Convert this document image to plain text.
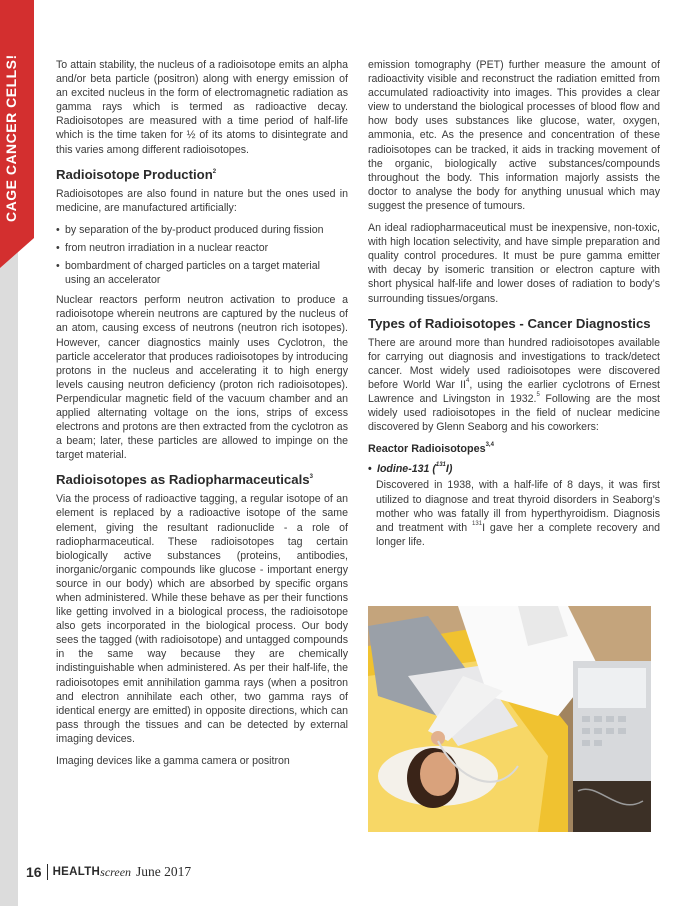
CAGE CANCER CELLS!	To attain stability, the nucleus of a radioisotope emits an alpha and/or beta particle (positron) along with energy emission of an excited nucleus in the form of electromagnetic radiation as gamma rays which is termed as radioactive decay. Radioisotopes are measured with a time period of half-life which is the time taken for ½ of its atoms to disintegrate and this varies among different radioisotopes.

Radioisotope Production$^2$

Radioisotopes are also found in nature but the ones used in medicine, are manufactured artificially:

• by separation of the by-product produced during fission
• from neutron irradiation in a nuclear reactor
• bombardment of charged particles on a target material using an accelerator

Nuclear reactors perform neutron activation to produce a radioisotope wherein neutrons are captured by the nucleus of an atom, causing excess of neutrons (neutron rich isotopes). However, cancer diagnostics mainly uses Cyclotron, the particle accelerator that produces radioisotopes by introducing protons in the nucleus and accelerating it to high energy levels causing neutron deficiency (proton rich radioisotopes). Perpendicular magnetic field of the vacuum chamber and an applied alternating voltage on the ions, strips of excess electrons and protons are then extracted from the cyclotron as a beam; later, these particles are allowed to impinge on the target material.

Radioisotopes as Radiopharmaceuticals$^3$

Via the process of radioactive tagging, a regular isotope of an element is replaced by a radioactive isotope of the same element, giving the resultant radionuclide - a role of radiopharmaceutical. These radioisotopes tag certain biologically active substances (proteins, antibodies, inorganic/organic compounds like glucose - important energy source in our body) which are absorbed by specific organs when administered. While these behave as per their functions like getting involved in a biological process, the radioisotope also gets incorporated in the biological process. Our body sees the tagged (with radioisotope) and untagged compounds in the same way because they are chemically indistinguishable when administered. As per their half-life, the radioisotopes emit annihilation gamma rays (when a positron and electron annihilate each other, two gamma rays of identical energy are emitted) in opposite directions, which can pass through the tissues and can be detected by external imaging devices.

Imaging devices like a gamma camera or positron

emission tomography (PET) further measure the amount of radioactivity visible and reconstruct the radiation emitted from accumulated radioactivity into images. This provides a clear view to understand the biological processes of blood flow and how body uses substances like glucose, water, oxygen, ammonia, etc. As the presence and concentration of these radioisotopes can be tracked, it aids in tracking movement of the organic, biologically active substances/compounds throughout the body. This information majorly assists the doctor to analyse the body for anything unusual which may suggest the presence of tumours.

An ideal radiopharmaceutical must be inexpensive, non-toxic, with high location selectivity, and have simple preparation and quality control procedures. It must be pure gamma emitter with decay by isomeric transition or electron capture with short physical half-life and lower doses of radiation to body’s surrounding tissues/organs.

Types of Radioisotopes - Cancer Diagnostics

There are around more than hundred radioisotopes available for carrying out diagnosis and investigations to track/detect cancer. Most widely used radioisotopes were discovered before World War $II^4$, using the earlier cyclotrons of Ernest Lawrence and Livingston in 1932.$^5$ Following are the most widely used radioisotopes in the field of nuclear medicine discovered by Glenn Seaborg and his coworkers:

Reactor Radioisotopes$^{3,4}$
• Iodine-131 ($^{131}$I)

Discovered in 1938, with a half-life of 8 days, it was first utilized to diagnose and treat thyroid disorders in Seaborg’s mother who was fatally ill from hyperthyroidism. Diagnosis and treatment with $^{131}$I gave her a complete recovery and longer life.

16 HEALTH screen June 2017
